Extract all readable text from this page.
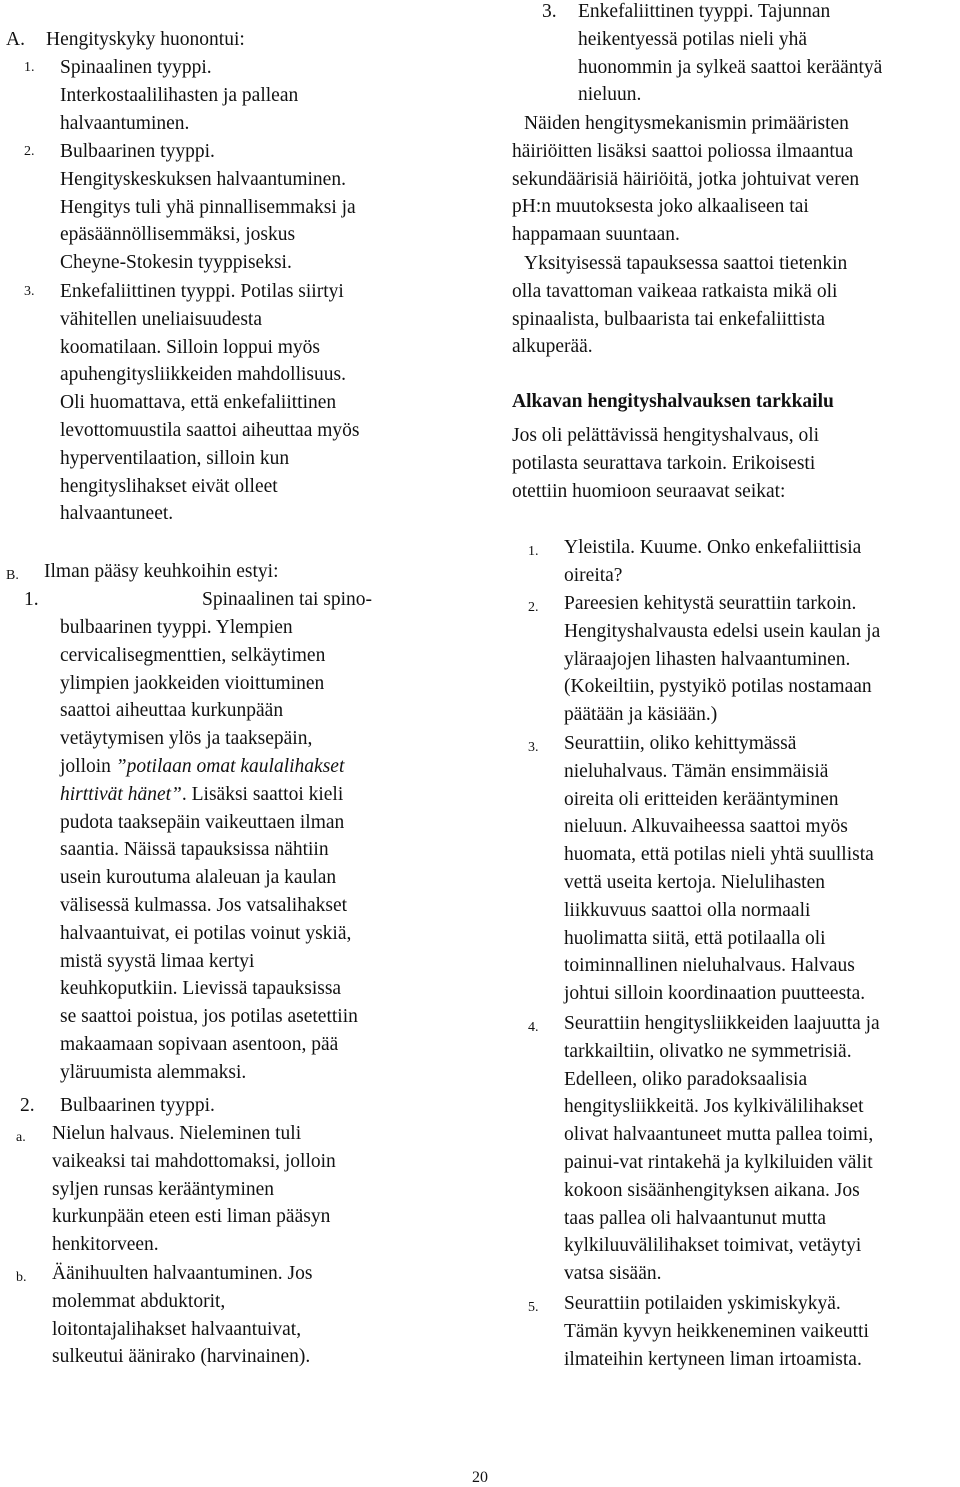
A. Hengityskyky huonontui:
1. Spinaalinen tyyppi.
Interkostaalilihasten ja pallean
halvaantuminen.
2. Bulbaarinen tyyppi.
Hengityskeskuksen halvaantuminen.
Hengitys tuli yhä pinnallisemmaksi ja
epäsäännöllisemmäksi, joskus
Cheyne-Stokesin tyyppiseksi.
3. Enkefaliittinen tyyppi. Potilas siirtyi
vähitellen uneliaisuudesta
koomatilaan. Silloin loppui myös
apuhengitysliikkeiden mahdollisuus.
Oli huomattava, että enkefaliittinen
levottomuustila saattoi aiheuttaa myös
hyperventilaation, silloin kun
hengityslihakset eivät olleet
halvaantuneet.
B. Ilman pääsy keuhkoihin estyi:
1.	Spinaalinen tai spino-
bulbaarinen tyyppi. Ylempien
cervicalisegmenttien, selkäytimen
ylimpien jaokkeiden vioittuminen
saattoi aiheuttaa kurkunpään
vetäytymisen ylös ja taaksepäin,
jolloin ”potilaan omat kaulalihakset
hirttivät hänet”. Lisäksi saattoi kieli
pudota taaksepäin vaikeuttaen ilman
saantia. Näissä tapauksissa nähtiin
usein kuroutuma alaleuan ja kaulan
välisessä kulmassa. Jos vatsalihakset
halvaantuivat, ei potilas voinut yskiä,
mistä syystä limaa kertyi
keuhkoputkiin. Lievissä tapauksissa
se saattoi poistua, jos potilas asetettiin
makaamaan sopivaan asentoon, pää
yläruumista alemmaksi.
2. Bulbaarinen tyyppi.
a. Nielun halvaus. Nieleminen tuli
vaikeaksi tai mahdottomaksi, jolloin
syljen runsas kerääntyminen
kurkunpään eteen esti liman pääsyn
henkitorveen.
b. Äänihuulten halvaantuminen. Jos
molemmat abduktorit,
loitontajalihakset halvaantuivat,
sulkeutui äänirako (harvinainen).
3. Enkefaliittinen tyyppi. Tajunnan
heikentyessä potilas nieli yhä
huonommin ja sylkeä saattoi kerääntyä
nieluun.
Näiden hengitysmekanismin primääristen
häiriöitten lisäksi saattoi poliossa ilmaantua
sekundäärisiä häiriöitä, jotka johtuivat veren
pH:n muutoksesta joko alkaaliseen tai
happamaan suuntaan.
Yksityisessä tapauksessa saattoi tietenkin
olla tavattoman vaikeaa ratkaista mikä oli
spinaalista, bulbaarista tai enkefaliittista
alkuperää.
Alkavan hengityshalvauksen tarkkailu
Jos oli pelättävissä hengityshalvaus, oli
potilasta seurattava tarkoin. Erikoisesti
otettiin huomioon seuraavat seikat:
1. Yleistila. Kuume. Onko enkefaliittisia
oireita?
2. Pareesien kehitystä seurattiin tarkoin.
Hengityshalvausta edelsi usein kaulan ja
yläraajojen lihasten halvaantuminen.
(Kokeiltiin, pystyikö potilas nostamaan
päätään ja käsiään.)
3. Seurattiin, oliko kehittymässä
nieluhalvaus. Tämän ensimmäisiä
oireita oli eritteiden kerääntyminen
nieluun. Alkuvaiheessa saattoi myös
huomata, että potilas nieli yhtä suullista
vettä useita kertoja. Nielulihasten
liikkuvuus saattoi olla normaali
huolimatta siitä, että potilaalla oli
toiminnallinen nieluhalvaus. Halvaus
johtui silloin koordinaation puutteesta.
4. Seurattiin hengitysliikkeiden laajuutta ja
tarkkailtiin, olivatko ne symmetrisiä.
Edelleen, oliko paradoksaalisia
hengitysliikkeitä. Jos kylkivälilihakset
olivat halvaantuneet mutta pallea toimi,
painui-vat rintakehä ja kylkiluiden välit
kokoon sisäänhengityksen aikana. Jos
taas pallea oli halvaantunut mutta
kylkiluuvälilihakset toimivat, vetäytyi
vatsa sisään.
5. Seurattiin potilaiden yskimiskykyä.
Tämän kyvyn heikkeneminen vaikeutti
ilmateihin kertyneen liman irtoamista.
20
